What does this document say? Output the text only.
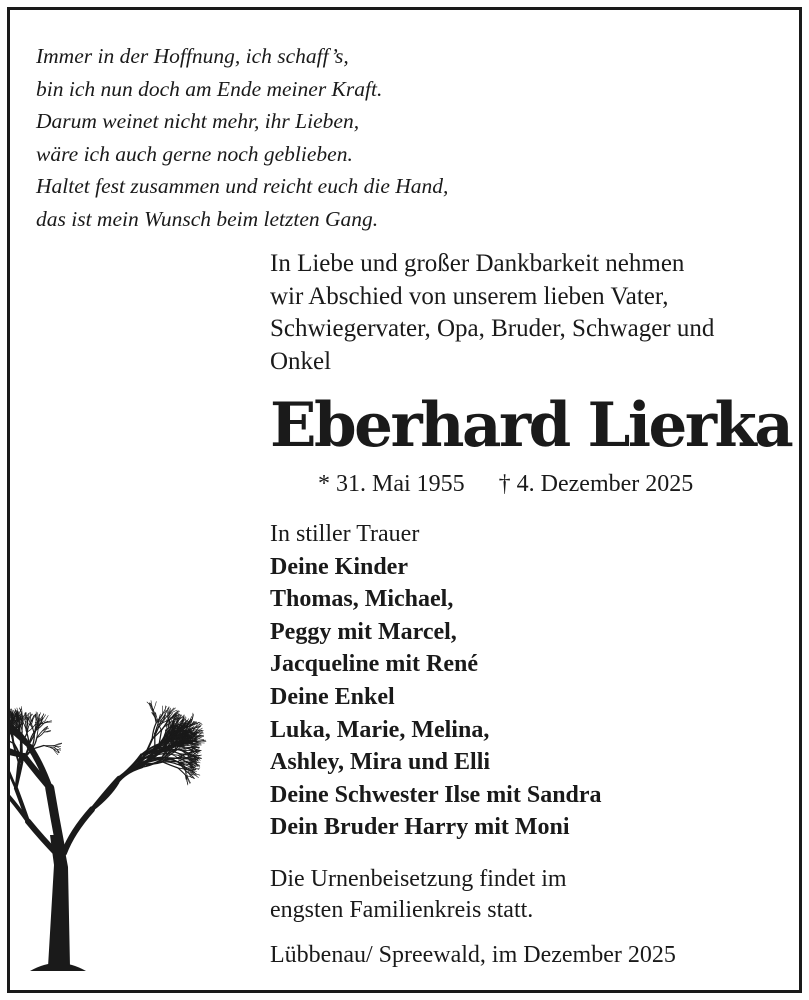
Immer in der Hoffnung, ich schaff’s,
bin ich nun doch am Ende meiner Kraft.
Darum weinet nicht mehr, ihr Lieben,
wäre ich auch gerne noch geblieben.
Haltet fest zusammen und reicht euch die Hand,
das ist mein Wunsch beim letzten Gang.
In Liebe und großer Dankbarkeit nehmen
wir Abschied von unserem lieben Vater,
Schwiegervater, Opa, Bruder, Schwager und
Onkel
Eberhard Lierka
* 31. Mai 1955 † 4. Dezember 2025
In stiller Trauer
Deine Kinder
Thomas, Michael,
Peggy mit Marcel,
Jacqueline mit René
Deine Enkel
Luka, Marie, Melina,
Ashley, Mira und Elli
Deine Schwester Ilse mit Sandra
Dein Bruder Harry mit Moni
Die Urnenbeisetzung findet im
engsten Familienkreis statt.
Lübbenau/ Spreewald, im Dezember 2025
